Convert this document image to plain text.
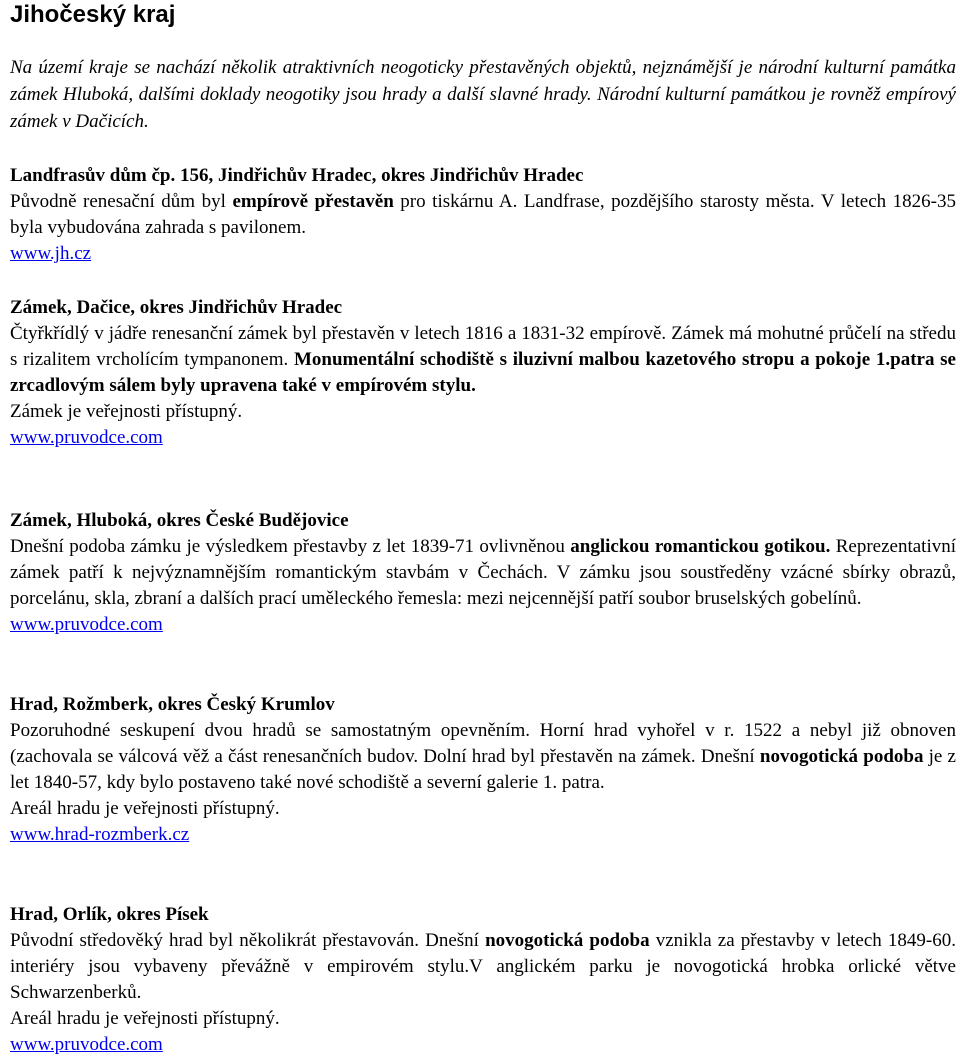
Jihočeský kraj

Na území kraje se nachází několik atraktivních neogoticky přestavěných objektů, nejznámější je národní kulturní památka zámek Hluboká, dalšími doklady neogotiky jsou hrady a další slavné hrady. Národní kulturní památkou je rovněž empírový zámek v Dačicích.

Landfrasův dům čp. 156, Jindřichův Hradec, okres Jindřichův Hradec

Původně renesační dům byl empírově přestavěn pro tiskárnu A. Landfrase, pozdějšího starosty města. V letech 1826-35 byla vybudována zahrada s pavilonem.

www.jh.cz

Zámek, Dačice, okres Jindřichův Hradec

Čtyřkřídlý v jádře renesanční zámek byl přestavěn v letech 1816 a 1831-32 empírově. Zámek má mohutné průčelí na středu s rizalitem vrcholícím tympanonem. Monumentální schodiště s iluzivní malbou kazetového stropu a pokoje 1.patra se zrcadlovým sálem byly upravena také v empírovém stylu.

Zámek je veřejnosti přístupný.

www.pruvodce.com

Zámek, Hluboká, okres České Budějovice

Dnešní podoba zámku je výsledkem přestavby z let 1839-71 ovlivněnou anglickou romantickou gotikou. Reprezentativní zámek patří k nejvýznamnějším romantickým stavbám v Čechách. V zámku jsou soustředěny vzácné sbírky obrazů, porcelánu, skla, zbraní a dalších prací uměleckého řemesla: mezi nejcennější patří soubor bruselských gobelínů.

www.pruvodce.com

Hrad, Rožmberk, okres Český Krumlov

Pozoruhodné seskupení dvou hradů se samostatným opevněním. Horní hrad vyhořel v r. 1522 a nebyl již obnoven (zachovala se válcová věž a část renesančních budov. Dolní hrad byl přestavěn na zámek. Dnešní novogotická podoba je z let 1840-57, kdy bylo postaveno také nové schodiště a severní galerie 1. patra.

Areál hradu je veřejnosti přístupný.

www.hrad-rozmberk.cz

Hrad, Orlík, okres Písek

Původní středověký hrad byl několikrát přestavován. Dnešní novogotická podoba vznikla za přestavby v letech 1849-60. interiéry jsou vybaveny převážně v empirovém stylu.V anglickém parku je novogotická hrobka orlické větve Schwarzenberků.

Areál hradu je veřejnosti přístupný.

www.pruvodce.com
